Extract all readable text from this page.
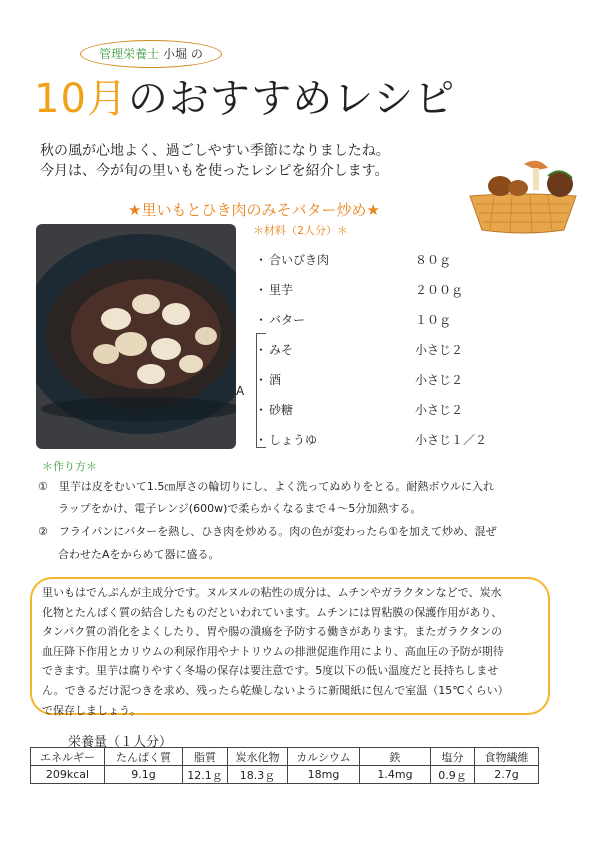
管理栄養士 小堀 の
10月のおすすめレシピ
秋の風が心地よく、過ごしやすい季節になりましたね。
今月は、今が旬の里いもを使ったレシピを紹介します。
★里いもとひき肉のみそバター炒め★
＊材料（2人分）＊
・ 合いびき肉	８０ｇ
・ 里芋	２００ｇ
・ バター	１０ｇ
A
・ みそ	小さじ２
・ 酒	小さじ２
・ 砂糖	小さじ２
・ しょうゆ	小さじ１／２
＊作り方＊
①　里芋は皮をむいて1.5㎝厚さの輪切りにし、よく洗ってぬめりをとる。耐熱ボウルに入れ
ラップをかけ、電子レンジ(600w)で柔らかくなるまで４～5分加熱する。
②　フライパンにバターを熱し、ひき肉を炒める。肉の色が変わったら①を加えて炒め、混ぜ
合わせたAをからめて器に盛る。
里いもはでんぷんが主成分です。ヌルヌルの粘性の成分は、ムチンやガラクタンなどで、炭水
化物とたんぱく質の結合したものだといわれています。ムチンには胃粘膜の保護作用があり、
タンパク質の消化をよくしたり、胃や腸の潰瘍を予防する働きがあります。またガラクタンの
血圧降下作用とカリウムの利尿作用やナトリウムの排泄促進作用により、高血圧の予防が期待
できます。里芋は腐りやすく冬場の保存は要注意です。5度以下の低い温度だと長持ちしませ
ん。できるだけ泥つきを求め、残ったら乾燥しないように新聞紙に包んで室温（15℃くらい）
で保存しましょう。
栄養量（１人分）
エネルギー	たんぱく質	脂質	炭水化物	カルシウム	鉄	塩分	食物繊維
209kcal	9.1g	12.1ｇ	18.3ｇ	18mg	1.4mg	0.9ｇ	2.7g
